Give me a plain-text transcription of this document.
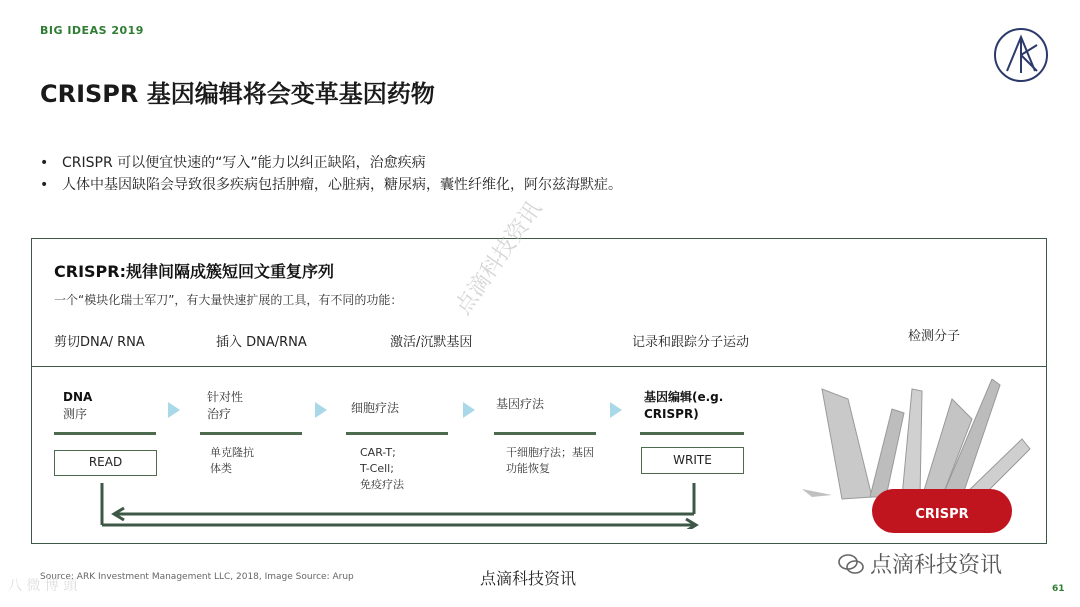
BIG IDEAS 2019
CRISPR 基因编辑将会变革基因药物
• CRISPR 可以便宜快速的“写入”能力以纠正缺陷，治愈疾病
• 人体中基因缺陷会导致很多疾病包括肿瘤，心脏病，糖尿病，囊性纤维化，阿尔兹海默症。
CRISPR:规律间隔成簇短回文重复序列
一个“模块化瑞士军刀”，有大量快速扩展的工具，有不同的功能： 点滴科技资讯
剪切DNA/ RNA	插入 DNA/RNA	激活/沉默基因	记录和跟踪分子运动	检测分子
DNA
测序
针对性
治疗
单克隆抗
体类
细胞疗法
CAR-T;
T-Cell;
免疫疗法
基因疗法
干细胞疗法；基因
功能恢复
基因编辑(e.g.
CRISPR)
READ	WRITE
CRISPR
Source: ARK Investment Management LLC, 2018, Image Source: Arup	点滴科技资讯
点滴科技资讯
八 微 博 頭	61
